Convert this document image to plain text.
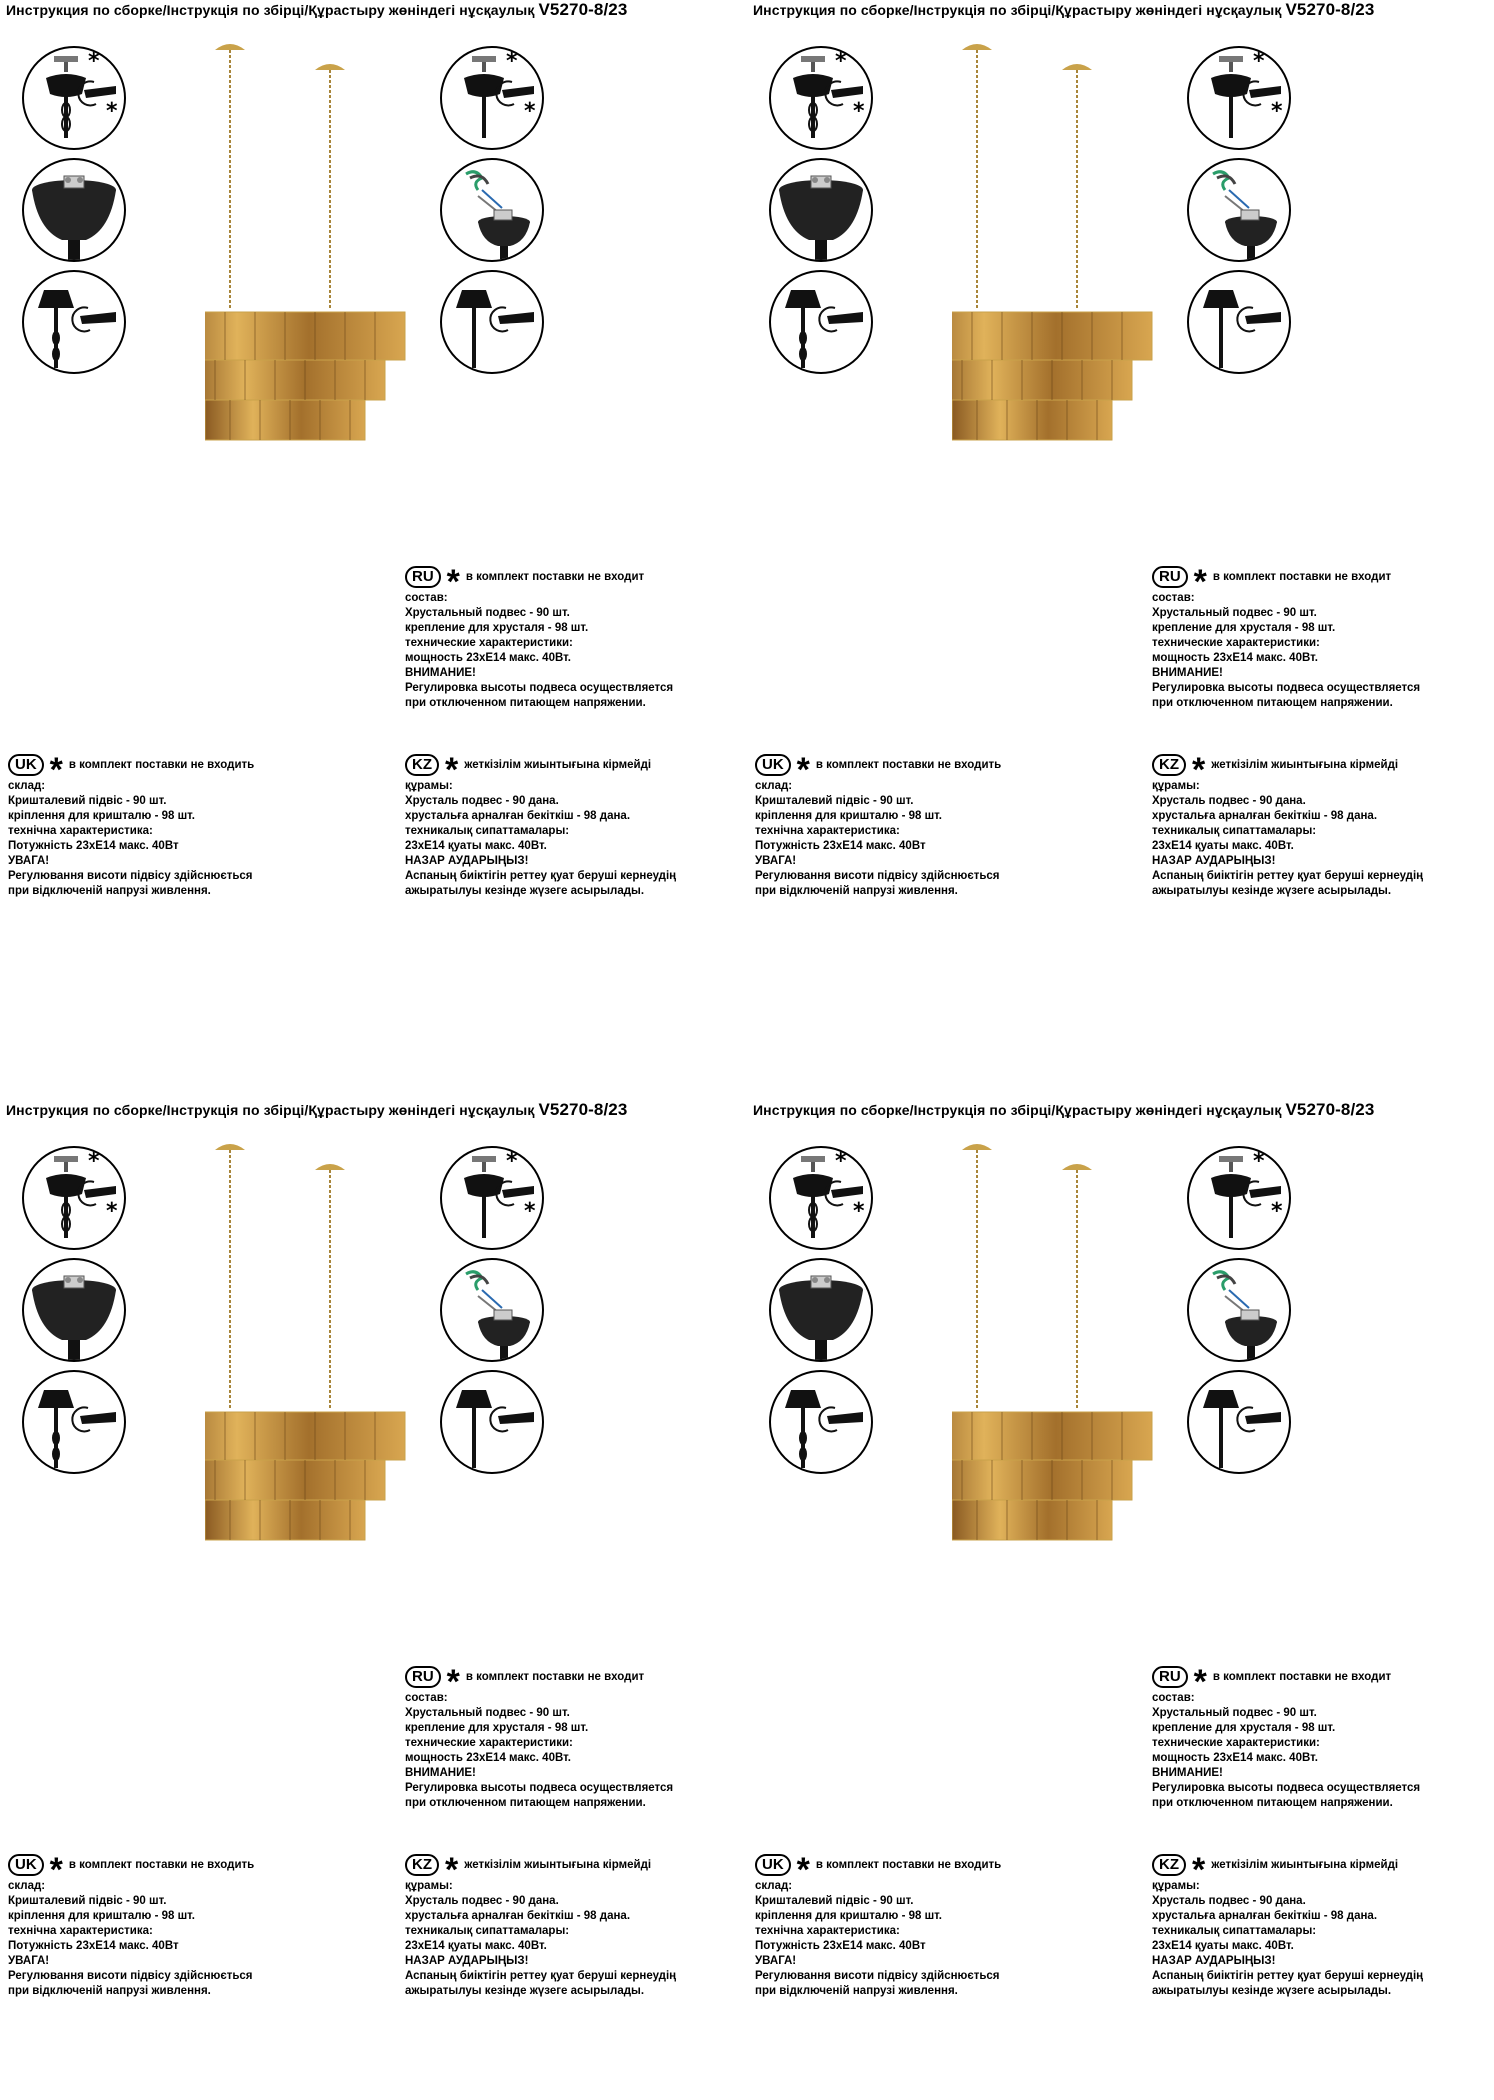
Инструкция по сборке/Інструкція по збірці/Құрастыру жөніндегі нұсқаулық V5270-8/23
*
*
*
*
RU * в комплект поставки не входит
состав:
Хрустальный подвес - 90 шт.
крепление для хрусталя - 98 шт.
технические характеристики:
мощность 23хE14 макс. 40Вт.
ВНИМАНИЕ!
Регулировка высоты подвеса осуществляется
при отключенном питающем напряжении.
UK * в комплект поставки не входить
склад:
Кришталевий підвіс - 90 шт.
кріплення для кришталю - 98 шт.
технічна характеристика:
Потужність 23хE14 макс. 40Вт
УВАГА!
Регулювання висоти підвісу здійснюється
при відключеній напрузі живлення.
KZ * жеткізілім жиынтығына кірмейді
құрамы:
Хрусталь подвес - 90 дана.
хрустальға арналған бекіткіш - 98 дана.
техникалық сипаттамалары:
23хE14 қуаты макс. 40Вт.
НАЗАР АУДАРЫҢЫЗ!
Аспаның биіктігін реттеу қуат беруші кернеудің
ажыратылуы кезінде жүзеге асырылады.
Инструкция по сборке/Інструкція по збірці/Құрастыру жөніндегі нұсқаулық V5270-8/23
*
*
*
*
RU * в комплект поставки не входит
состав:
Хрустальный подвес - 90 шт.
крепление для хрусталя - 98 шт.
технические характеристики:
мощность 23хE14 макс. 40Вт.
ВНИМАНИЕ!
Регулировка высоты подвеса осуществляется
при отключенном питающем напряжении.
UK * в комплект поставки не входить
склад:
Кришталевий підвіс - 90 шт.
кріплення для кришталю - 98 шт.
технічна характеристика:
Потужність 23хE14 макс. 40Вт
УВАГА!
Регулювання висоти підвісу здійснюється
при відключеній напрузі живлення.
KZ * жеткізілім жиынтығына кірмейді
құрамы:
Хрусталь подвес - 90 дана.
хрустальға арналған бекіткіш - 98 дана.
техникалық сипаттамалары:
23хE14 қуаты макс. 40Вт.
НАЗАР АУДАРЫҢЫЗ!
Аспаның биіктігін реттеу қуат беруші кернеудің
ажыратылуы кезінде жүзеге асырылады.
Инструкция по сборке/Інструкція по збірці/Құрастыру жөніндегі нұсқаулық V5270-8/23
*
*
*
*
RU * в комплект поставки не входит
состав:
Хрустальный подвес - 90 шт.
крепление для хрусталя - 98 шт.
технические характеристики:
мощность 23хE14 макс. 40Вт.
ВНИМАНИЕ!
Регулировка высоты подвеса осуществляется
при отключенном питающем напряжении.
UK * в комплект поставки не входить
склад:
Кришталевий підвіс - 90 шт.
кріплення для кришталю - 98 шт.
технічна характеристика:
Потужність 23хE14 макс. 40Вт
УВАГА!
Регулювання висоти підвісу здійснюється
при відключеній напрузі живлення.
KZ * жеткізілім жиынтығына кірмейді
құрамы:
Хрусталь подвес - 90 дана.
хрустальға арналған бекіткіш - 98 дана.
техникалық сипаттамалары:
23хE14 қуаты макс. 40Вт.
НАЗАР АУДАРЫҢЫЗ!
Аспаның биіктігін реттеу қуат беруші кернеудің
ажыратылуы кезінде жүзеге асырылады.
Инструкция по сборке/Інструкція по збірці/Құрастыру жөніндегі нұсқаулық V5270-8/23
*
*
*
*
RU * в комплект поставки не входит
состав:
Хрустальный подвес - 90 шт.
крепление для хрусталя - 98 шт.
технические характеристики:
мощность 23хE14 макс. 40Вт.
ВНИМАНИЕ!
Регулировка высоты подвеса осуществляется
при отключенном питающем напряжении.
UK * в комплект поставки не входить
склад:
Кришталевий підвіс - 90 шт.
кріплення для кришталю - 98 шт.
технічна характеристика:
Потужність 23хE14 макс. 40Вт
УВАГА!
Регулювання висоти підвісу здійснюється
при відключеній напрузі живлення.
KZ * жеткізілім жиынтығына кірмейді
құрамы:
Хрусталь подвес - 90 дана.
хрустальға арналған бекіткіш - 98 дана.
техникалық сипаттамалары:
23хE14 қуаты макс. 40Вт.
НАЗАР АУДАРЫҢЫЗ!
Аспаның биіктігін реттеу қуат беруші кернеудің
ажыратылуы кезінде жүзеге асырылады.
